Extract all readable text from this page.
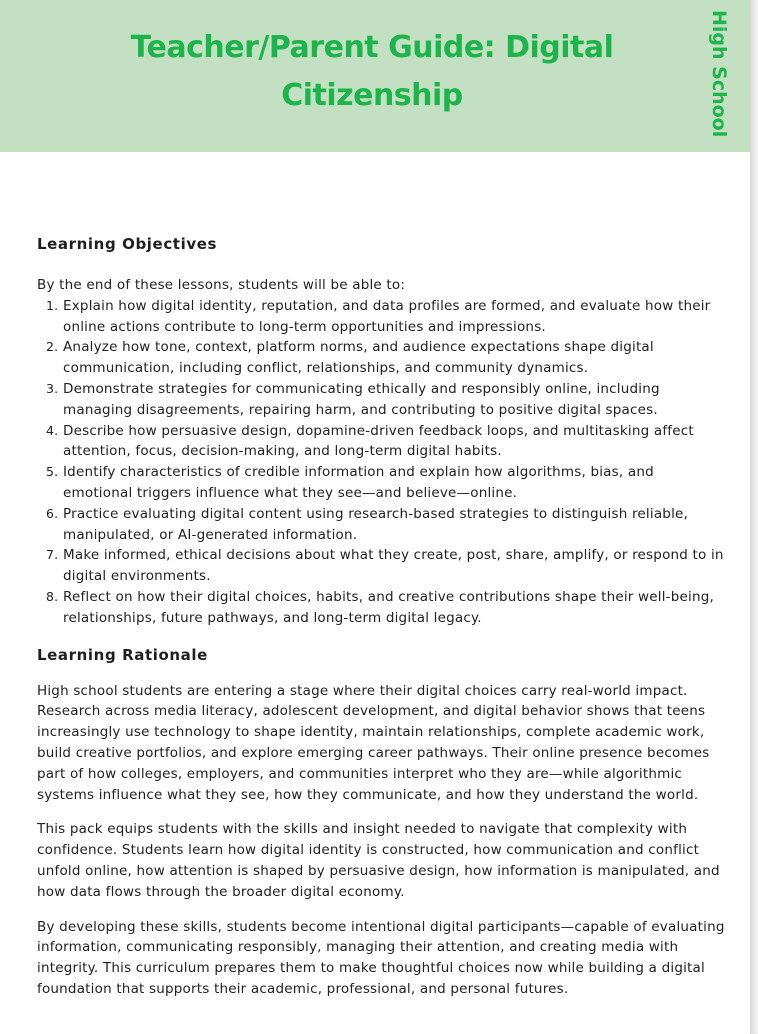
Teacher/Parent Guide: Digital Citizenship	High School
Learning Objectives

By the end of these lessons, students will be able to:

1. Explain how digital identity, reputation, and data profiles are formed, and evaluate how their online actions contribute to long-term opportunities and impressions.
2. Analyze how tone, context, platform norms, and audience expectations shape digital communication, including conflict, relationships, and community dynamics.
3. Demonstrate strategies for communicating ethically and responsibly online, including managing disagreements, repairing harm, and contributing to positive digital spaces.
4. Describe how persuasive design, dopamine-driven feedback loops, and multitasking affect attention, focus, decision-making, and long-term digital habits.
5. Identify characteristics of credible information and explain how algorithms, bias, and emotional triggers influence what they see—and believe—online.
6. Practice evaluating digital content using research-based strategies to distinguish reliable, manipulated, or AI-generated information.
7. Make informed, ethical decisions about what they create, post, share, amplify, or respond to in digital environments.
8. Reflect on how their digital choices, habits, and creative contributions shape their well-being, relationships, future pathways, and long-term digital legacy.
Learning Rationale

High school students are entering a stage where their digital choices carry real-world impact. Research across media literacy, adolescent development, and digital behavior shows that teens increasingly use technology to shape identity, maintain relationships, complete academic work, build creative portfolios, and explore emerging career pathways. Their online presence becomes part of how colleges, employers, and communities interpret who they are—while algorithmic systems influence what they see, how they communicate, and how they understand the world.

This pack equips students with the skills and insight needed to navigate that complexity with confidence. Students learn how digital identity is constructed, how communication and conflict unfold online, how attention is shaped by persuasive design, how information is manipulated, and how data flows through the broader digital economy.

By developing these skills, students become intentional digital participants—capable of evaluating information, communicating responsibly, managing their attention, and creating media with integrity. This curriculum prepares them to make thoughtful choices now while building a digital foundation that supports their academic, professional, and personal futures.
